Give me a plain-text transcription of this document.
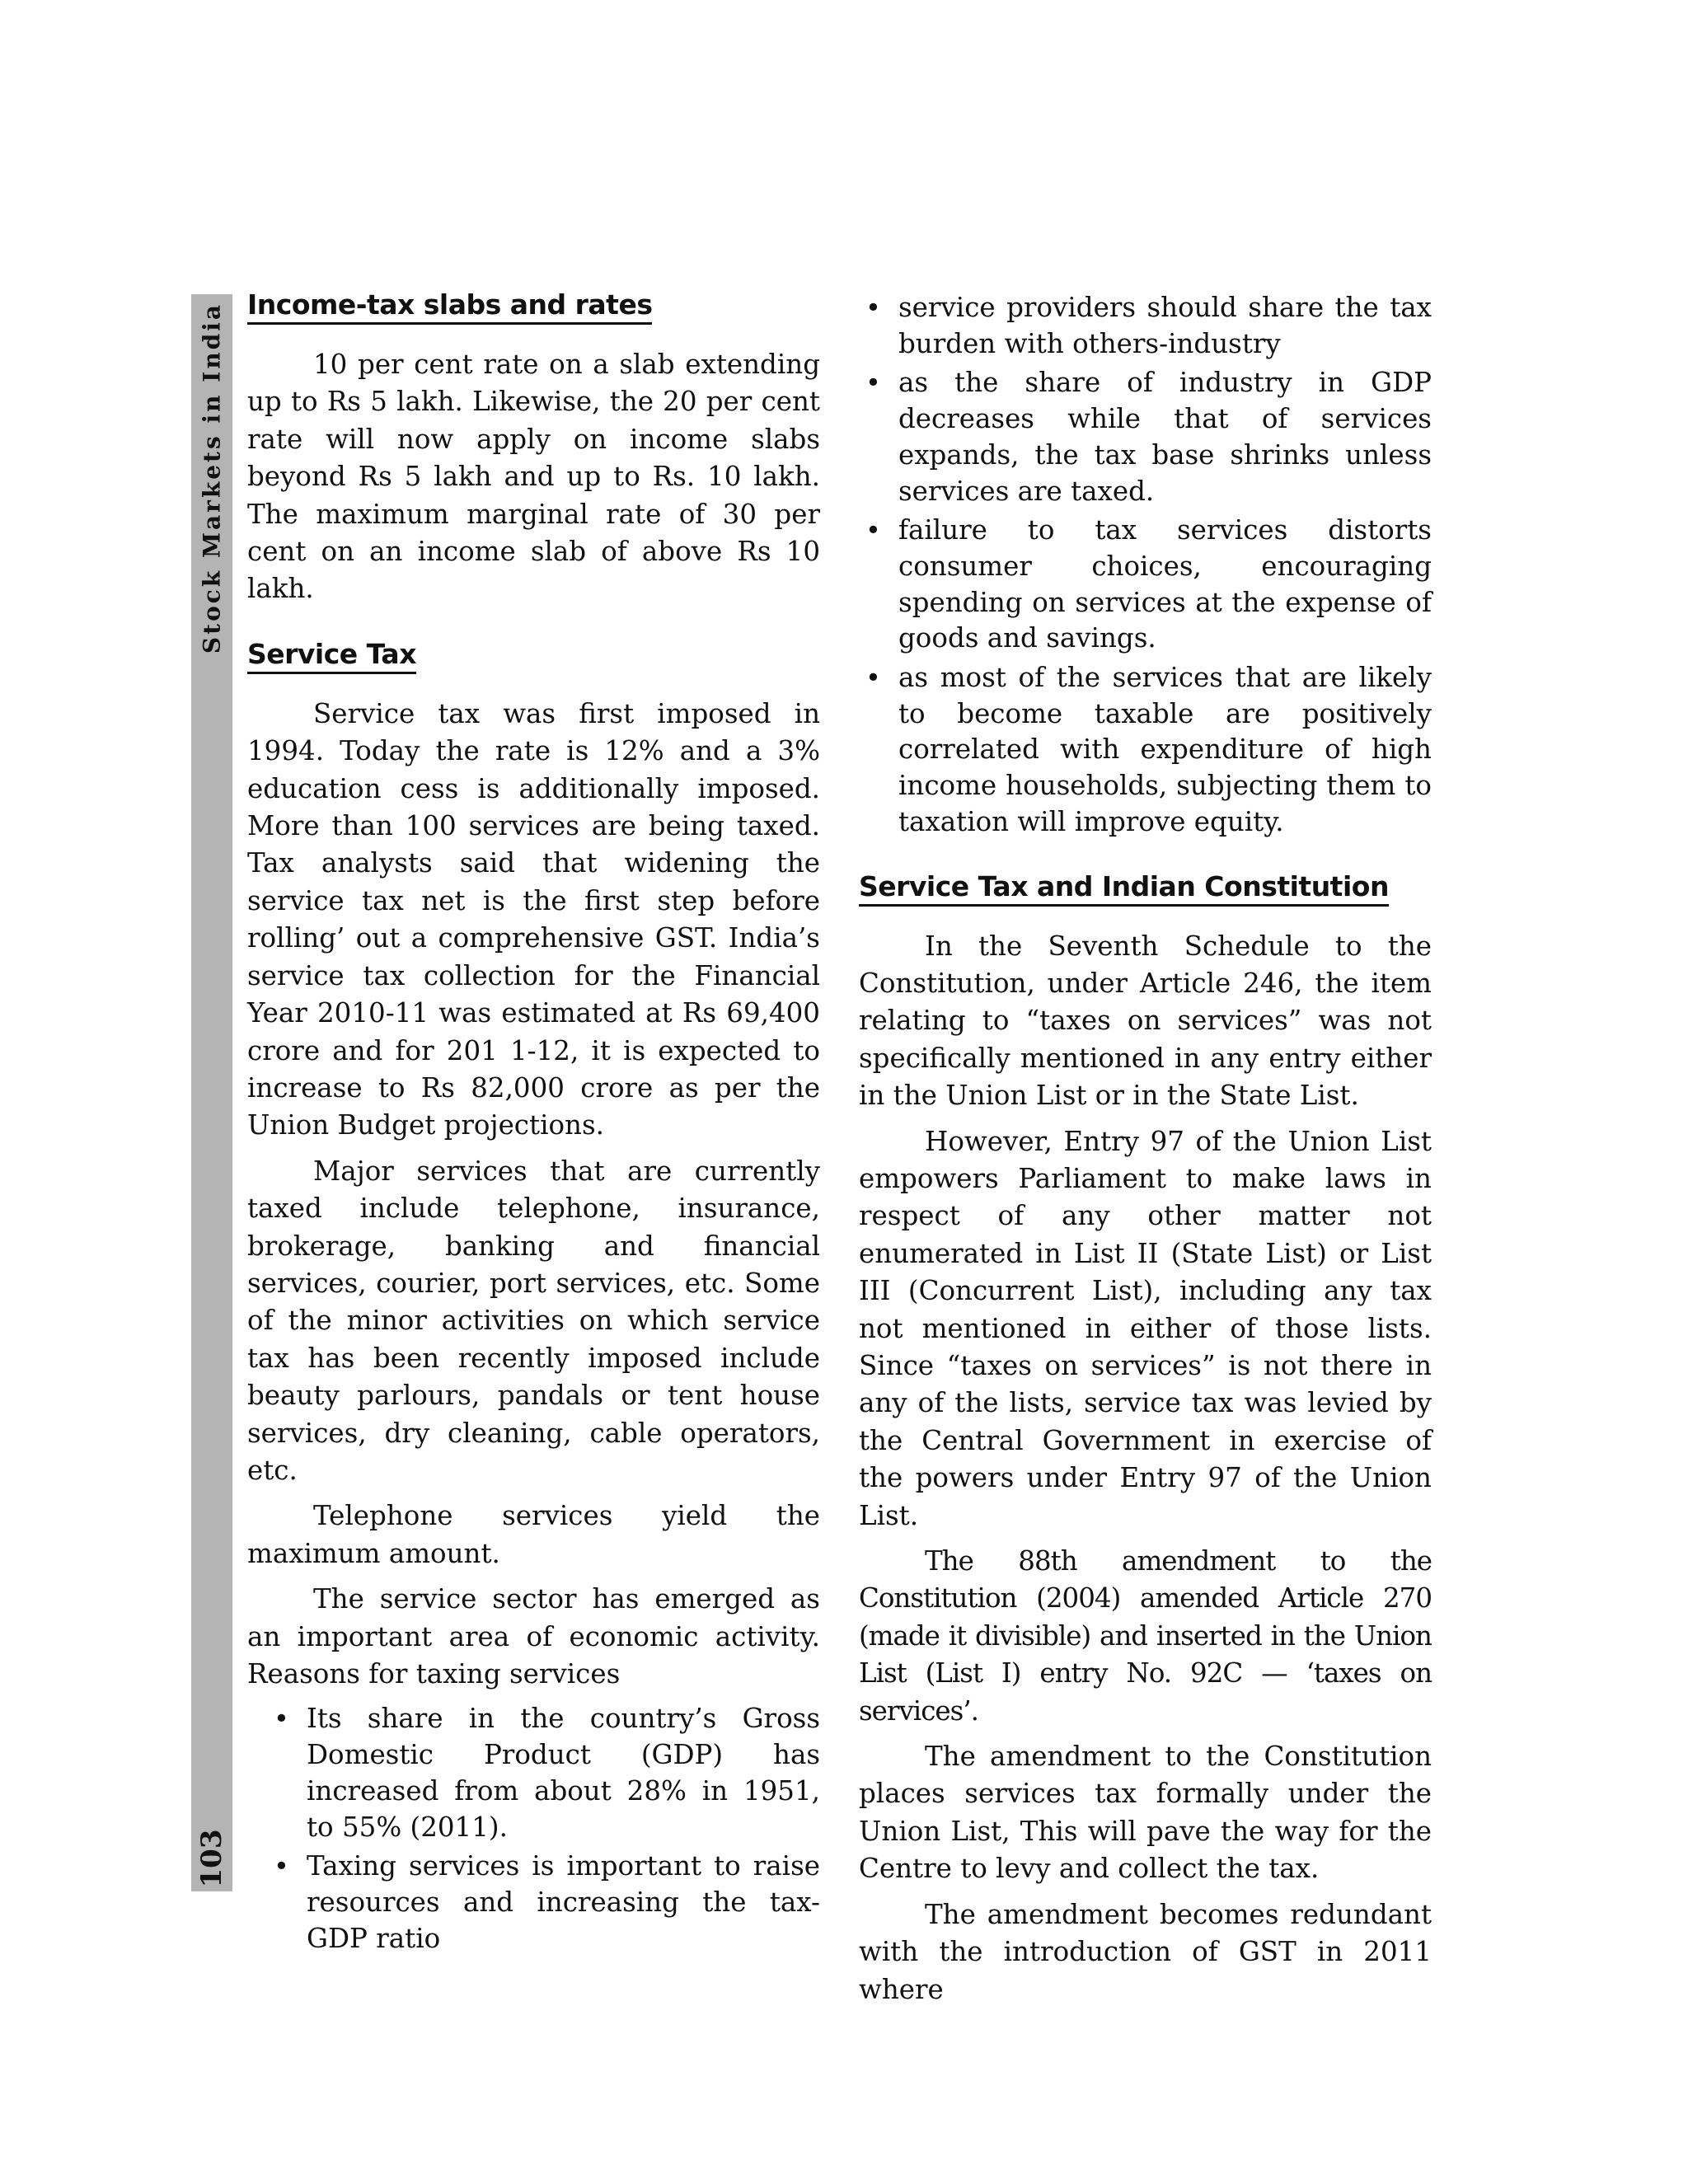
Stock Markets in India
103
Income-tax slabs and rates

10 per cent rate on a slab extending up to Rs 5 lakh. Likewise, the 20 per cent rate will now apply on income slabs beyond Rs 5 lakh and up to Rs. 10 lakh. The maximum marginal rate of 30 per cent on an income slab of above Rs 10 lakh.

Service Tax

Service tax was first imposed in 1994. Today the rate is 12% and a 3% education cess is additionally imposed. More than 100 services are being taxed. Tax analysts said that widening the service tax net is the first step before rolling’ out a comprehensive GST. India’s service tax collection for the Financial Year 2010-11 was estimated at Rs 69,400 crore and for 201 1-12, it is expected to increase to Rs 82,000 crore as per the Union Budget projections.

Major services that are currently taxed include telephone, insurance, brokerage, banking and financial services, courier, port services, etc. Some of the minor activities on which service tax has been recently imposed include beauty parlours, pandals or tent house services, dry cleaning, cable operators, etc.

Telephone services yield the maximum amount.

The service sector has emerged as an important area of economic activity. Reasons for taxing services

• Its share in the country’s Gross Domestic Product (GDP) has increased from about 28% in 1951, to 55% (2011).
• Taxing services is important to raise resources and increasing the tax-GDP ratio
• service providers should share the tax burden with others-industry
• as the share of industry in GDP decreases while that of services expands, the tax base shrinks unless services are taxed.
• failure to tax services distorts consumer choices, encouraging spending on services at the expense of goods and savings.
• as most of the services that are likely to become taxable are positively correlated with expenditure of high income households, subjecting them to taxation will improve equity.
Service Tax and Indian Constitution

In the Seventh Schedule to the Constitution, under Article 246, the item relating to “taxes on services” was not specifically mentioned in any entry either in the Union List or in the State List.

However, Entry 97 of the Union List empowers Parliament to make laws in respect of any other matter not enumerated in List II (State List) or List III (Concurrent List), including any tax not mentioned in either of those lists. Since “taxes on services” is not there in any of the lists, service tax was levied by the Central Government in exercise of the powers under Entry 97 of the Union List.

The 88th amendment to the Constitution (2004) amended Article 270 (made it divisible) and inserted in the Union List (List I) entry No. 92C — ‘taxes on services’.

The amendment to the Constitution places services tax formally under the Union List, This will pave the way for the Centre to levy and collect the tax.

The amendment becomes redundant with the introduction of GST in 2011 where
